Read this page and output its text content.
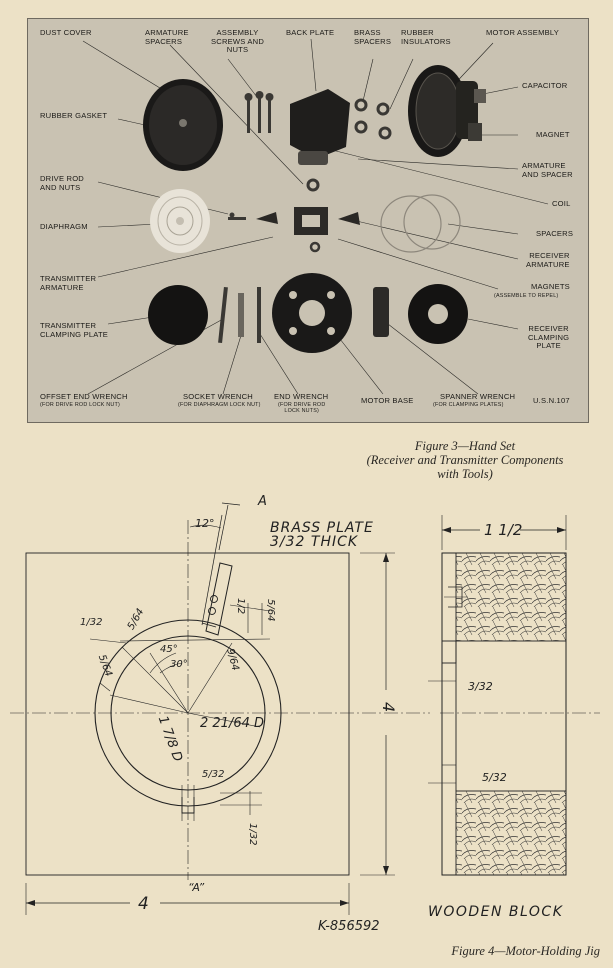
DUST COVER	ARMATURE
SPACERS
ASSEMBLY
SCREWS AND
NUTS
BACK PLATE	BRASS
SPACERS
RUBBER
INSULATORS
MOTOR ASSEMBLY
RUBBER GASKET
CAPACITOR
MAGNET
ARMATURE
AND SPACER
DRIVE ROD
AND NUTS
COIL
DIAPHRAGM
SPACERS
TRANSMITTER
ARMATURE
RECEIVER
ARMATURE
MAGNETS
(ASSEMBLE TO REPEL)
TRANSMITTER
CLAMPING PLATE
RECEIVER
CLAMPING
PLATE
OFFSET END WRENCH
(FOR DRIVE ROD LOCK NUT)
SOCKET WRENCH
(FOR DIAPHRAGM LOCK NUT)
END WRENCH
(FOR DRIVE ROD
LOCK NUTS)
MOTOR BASE	SPANNER WRENCH
(FOR CLAMPING PLATES)	U.S.N.107
Figure 3—Hand Set
(Receiver and Transmitter Components
with Tools)
A
12°	BRASS PLATE
3/32 THICK
1 1/2
1/32 5/64
1/2 5/64
5/64
45°
30°	9/64
4
3/32
1 7/8 D 2 21/64 D
5/32	5/32
1/32
4
“A”
WOODEN BLOCK
K-856592
Figure 4—Motor-Holding Jig
